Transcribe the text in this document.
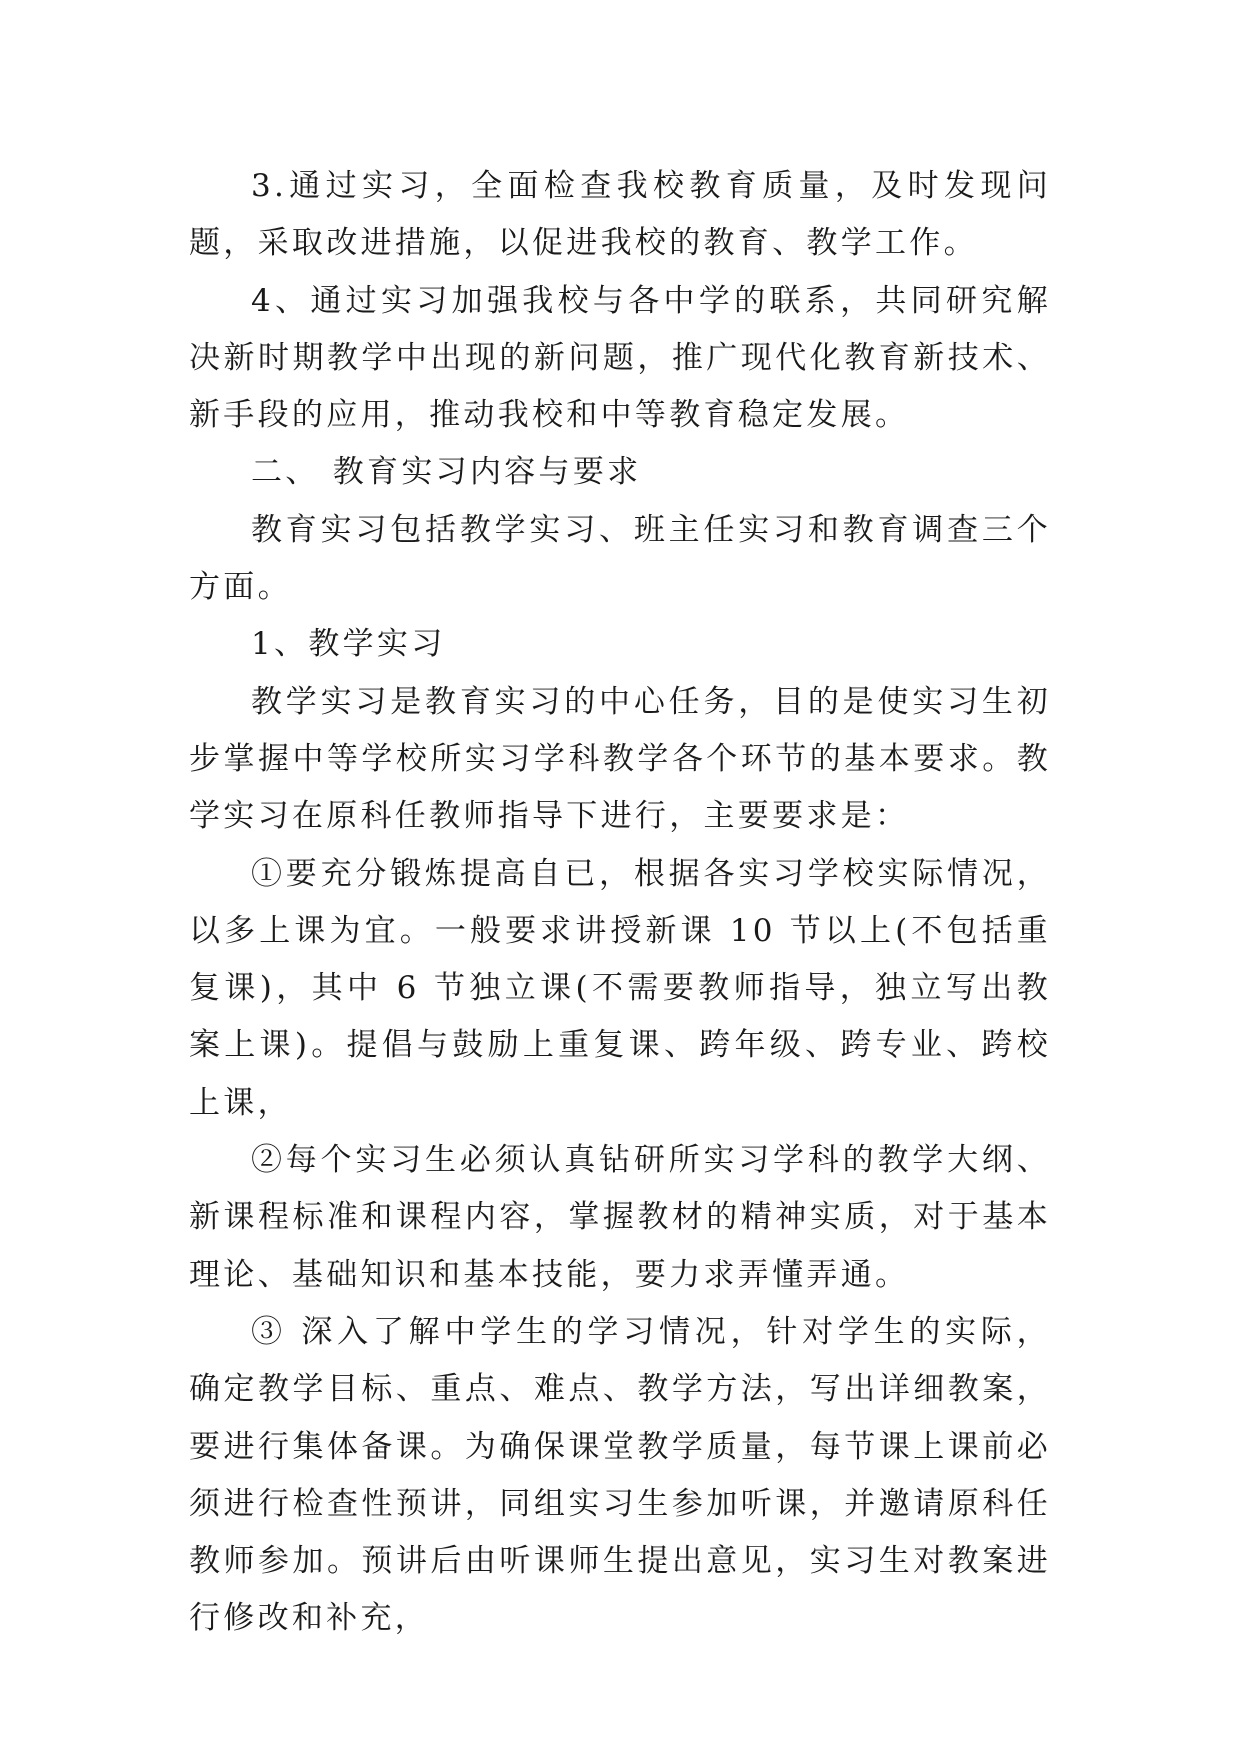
3.通过实习，全面检查我校教育质量，及时发现问题，采取改进措施，以促进我校的教育、教学工作。

4、通过实习加强我校与各中学的联系，共同研究解决新时期教学中出现的新问题，推广现代化教育新技术、新手段的应用，推动我校和中等教育稳定发展。

二、 教育实习内容与要求

教育实习包括教学实习、班主任实习和教育调查三个方面。

1、教学实习

教学实习是教育实习的中心任务，目的是使实习生初步掌握中等学校所实习学科教学各个环节的基本要求。教学实习在原科任教师指导下进行，主要要求是：

①要充分锻炼提高自已，根据各实习学校实际情况，以多上课为宜。一般要求讲授新课 10 节以上(不包括重复课)，其中 6 节独立课(不需要教师指导，独立写出教案上课)。提倡与鼓励上重复课、跨年级、跨专业、跨校上课，

②每个实习生必须认真钻研所实习学科的教学大纲、新课程标准和课程内容，掌握教材的精神实质，对于基本理论、基础知识和基本技能，要力求弄懂弄通。

③ 深入了解中学生的学习情况，针对学生的实际，确定教学目标、重点、难点、教学方法，写出详细教案，要进行集体备课。为确保课堂教学质量，每节课上课前必须进行检查性预讲，同组实习生参加听课，并邀请原科任教师参加。预讲后由听课师生提出意见，实习生对教案进行修改和补充，
